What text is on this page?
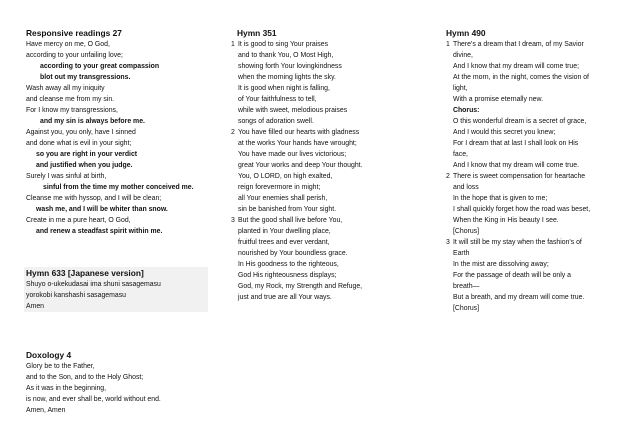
Responsive readings 27
Have mercy on me, O God,
according to your unfailing love;
according to your great compassion
blot out my transgressions.
Wash away all my iniquity
and cleanse me from my sin.
For I know my transgressions,
and my sin is always before me.
Against you, you only, have I sinned
and done what is evil in your sight;
so you are right in your verdict
and justified when you judge.
Surely I was sinful at birth,
sinful from the time my mother conceived me.
Cleanse me with hyssop, and I will be clean;
wash me, and I will be whiter than snow.
Create in me a pure heart, O God,
and renew a steadfast spirit within me.
Hymn 633 [Japanese version]
Shuyo o-ukekudasai ima shuni sasagemasu
yorokobi kanshashi sasagemasu
Amen
Doxology 4
Glory be to the Father,
and to the Son, and to the Holy Ghost;
As it was in the beginning,
is now, and ever shall be, world without end.
Amen, Amen
Hymn 351
1 It is good to sing Your praises
and to thank You, O Most High,
showing forth Your lovingkindness
when the morning lights the sky.
It is good when night is falling,
of Your faithfulness to tell,
while with sweet, melodious praises
songs of adoration swell.
2 You have filled our hearts with gladness
at the works Your hands have wrought;
You have made our lives victorious;
great Your works and deep Your thought.
You, O LORD, on high exalted,
reign forevermore in might;
all Your enemies shall perish,
sin be banished from Your sight.
3 But the good shall live before You,
planted in Your dwelling place,
fruitful trees and ever verdant,
nourished by Your boundless grace.
In His goodness to the righteous,
God His righteousness displays;
God, my Rock, my Strength and Refuge,
just and true are all Your ways.
Hymn 490
1 There's a dream that I dream, of my Savior
divine,
And I know that my dream will come true;
At the morn, in the night, comes the vision of
light,
With a promise eternally new.
Chorus:
O this wonderful dream is a secret of grace,
And I would this secret you knew;
For I dream that at last I shall look on His
face,
And I know that my dream will come true.
2 There is sweet compensation for heartache
and loss
In the hope that is given to me;
I shall quickly forget how the road was beset,
When the King in His beauty I see.
[Chorus]
3 It will still be my stay when the fashion's of
Earth
In the mist are dissolving away;
For the passage of death will be only a
breath—
But a breath, and my dream will come true.
[Chorus]
